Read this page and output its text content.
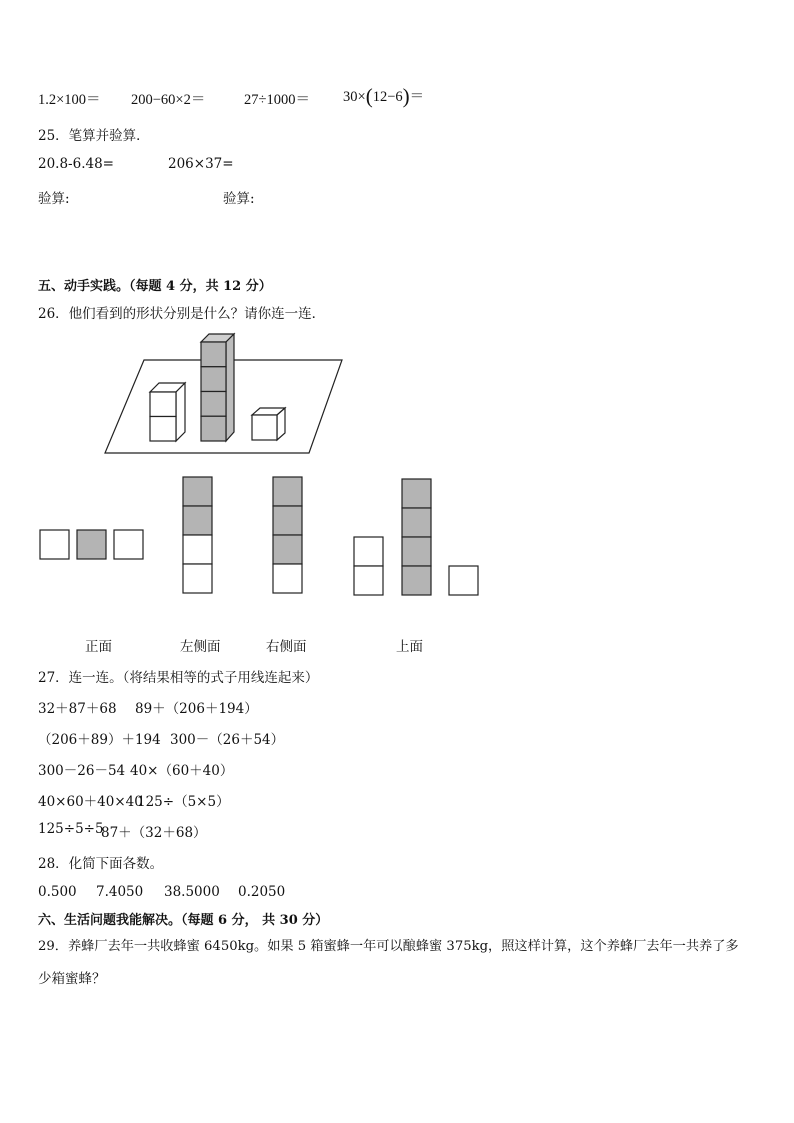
1.2×100＝ 200−60×2＝	27÷1000＝ 30×(12−6)＝
25．笔算并验算．
20.8-6.48=	206×37=
验算:	验算:
五、动手实践。（每题 4 分，共 12 分）
26．他们看到的形状分别是什么？请你连一连．
正面	左侧面	右侧面	上面
27．连一连。（将结果相等的式子用线连起来）
32＋87＋68 89＋（206＋194）
（206＋89）＋194 300－（26＋54）
300－26－54 40×（60＋40）
40×60＋40×40
125÷（5×5）
125÷5÷5
87＋（32＋68）
28．化简下面各数。
0.500 7.4050 38.5000 0.2050
六、生活问题我能解决。（每题 6 分， 共 30 分）
29．养蜂厂去年一共收蜂蜜 6450kg。如果 5 箱蜜蜂一年可以酿蜂蜜 375kg，照这样计算，这个养蜂厂去年一共养了多
少箱蜜蜂？
